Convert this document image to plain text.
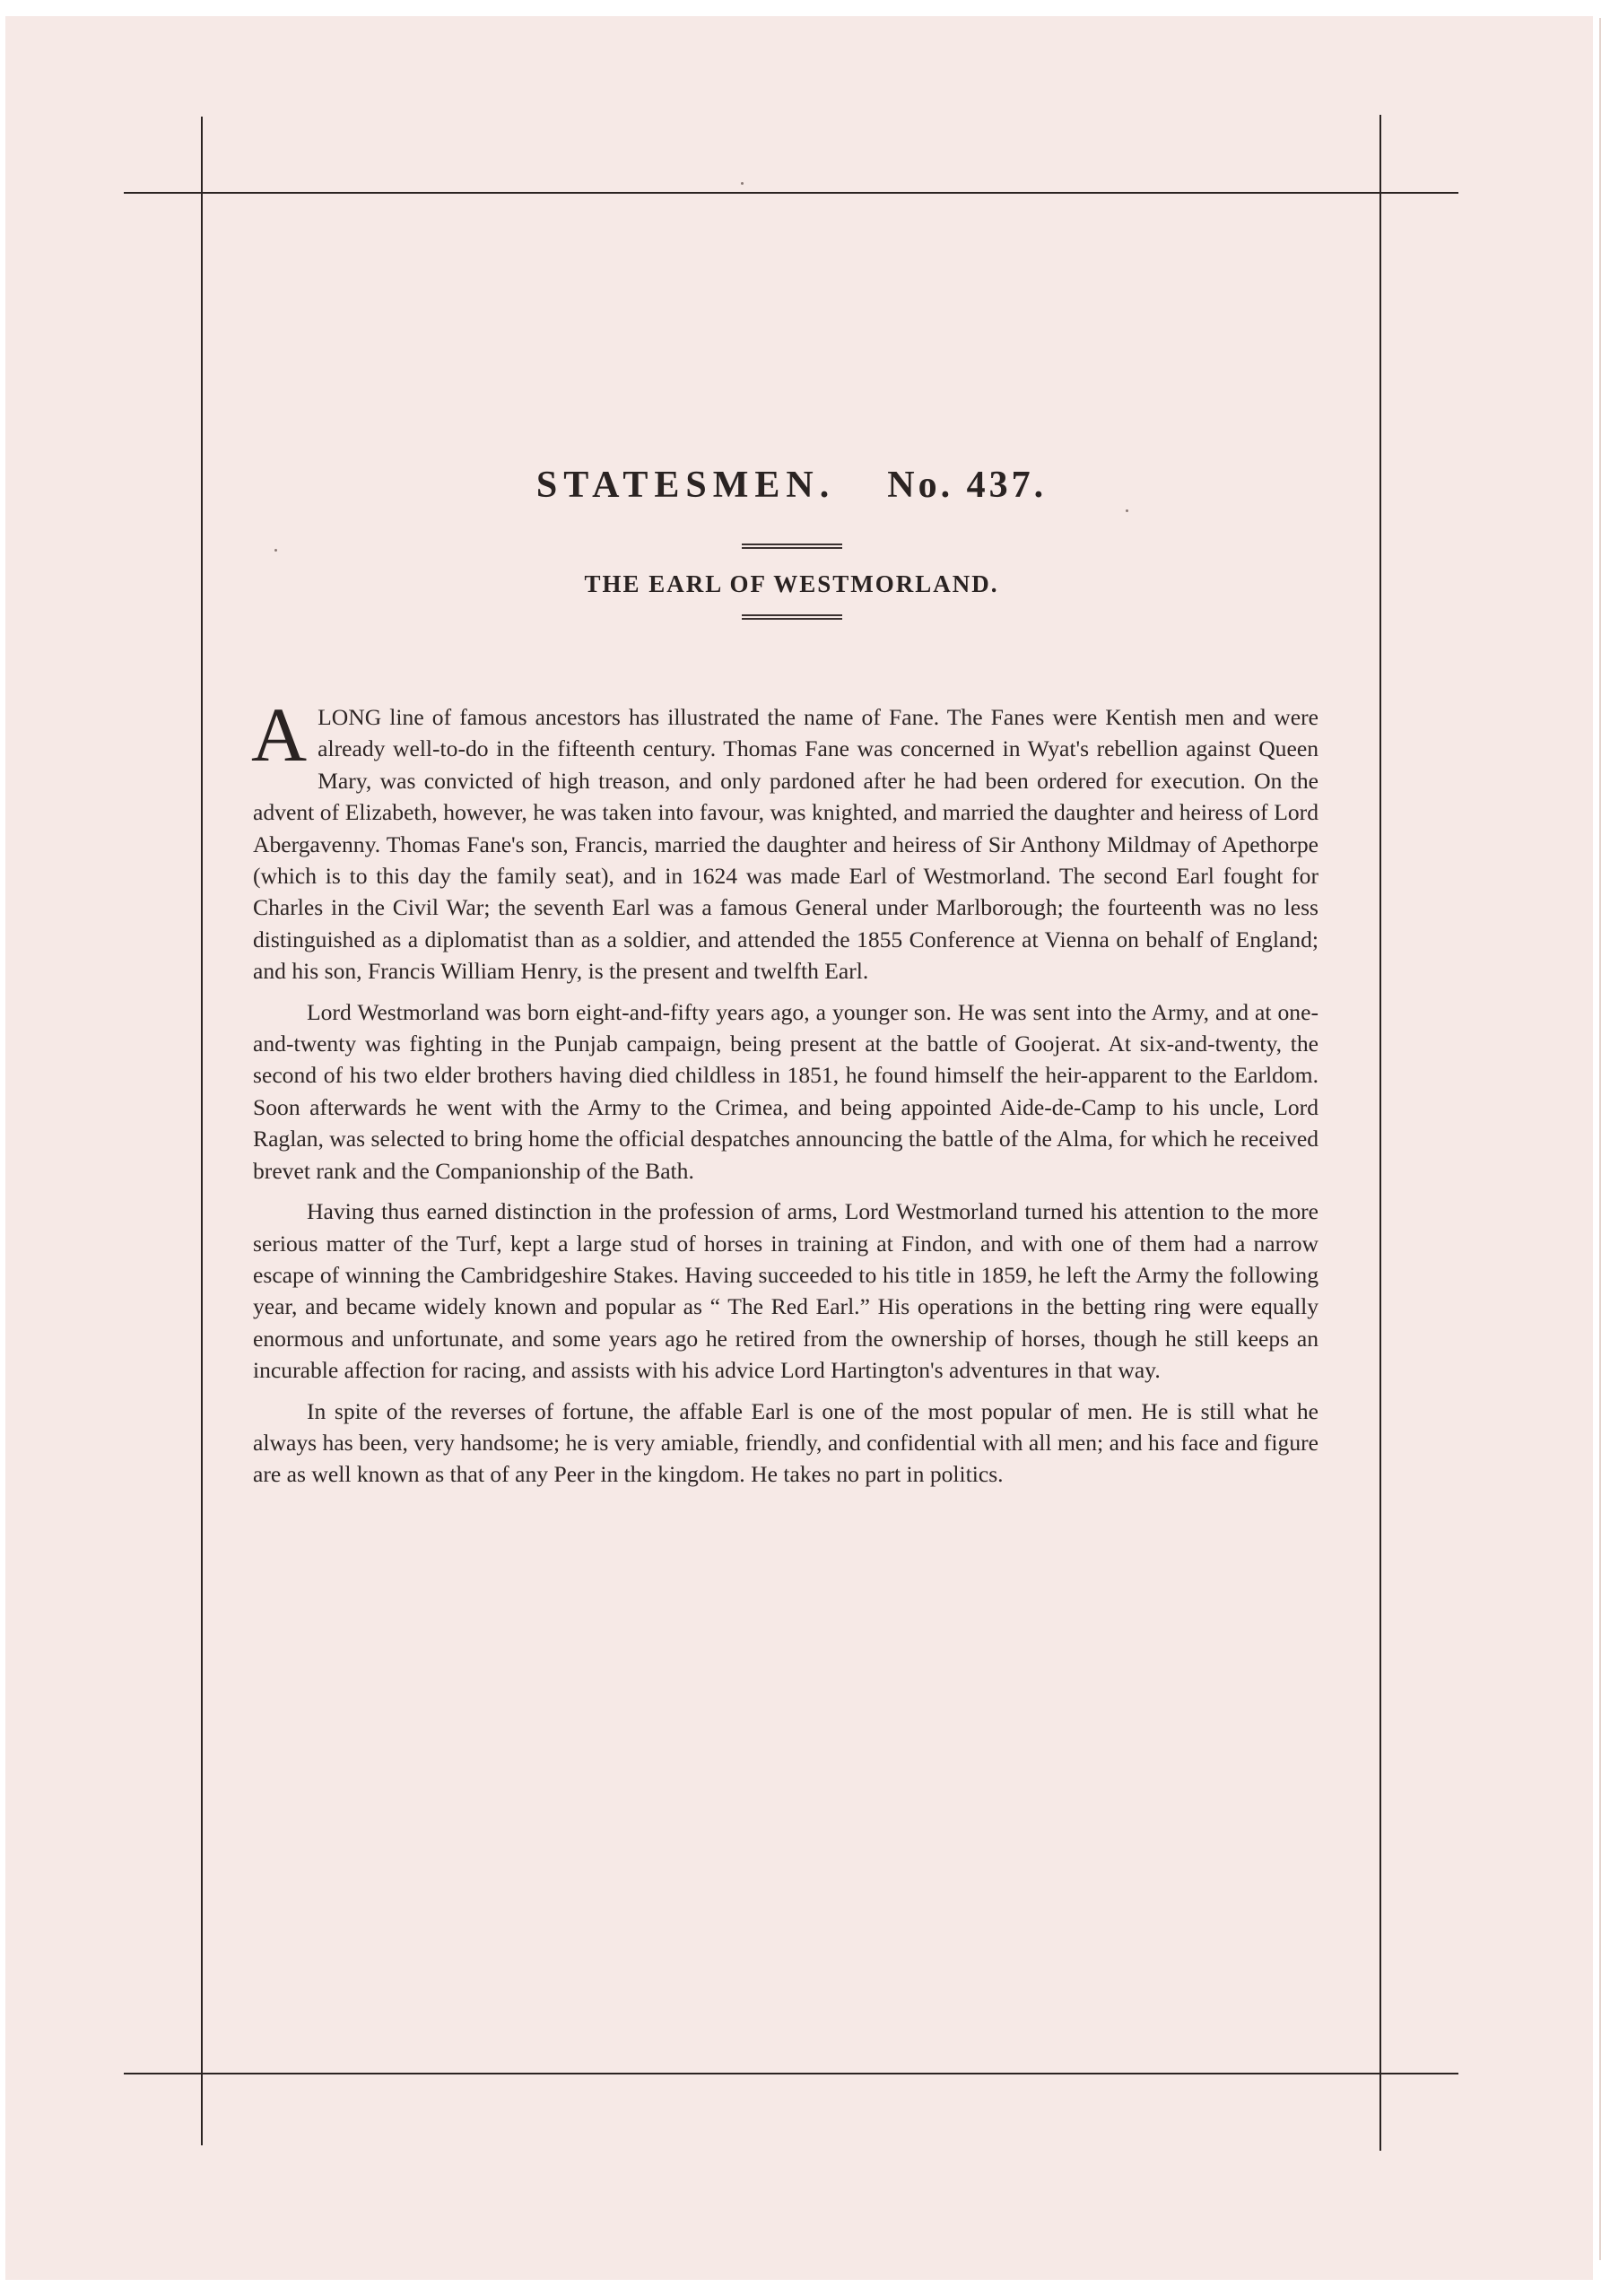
STATESMEN. No. 437.
THE EARL OF WESTMORLAND.

ALONG line of famous ancestors has illustrated the name of Fane. The Fanes were Kentish men and were already well-to-do in the fifteenth century. Thomas Fane was concerned in Wyat's rebellion against Queen Mary, was convicted of high treason, and only pardoned after he had been ordered for execution. On the advent of Elizabeth, however, he was taken into favour, was knighted, and married the daughter and heiress of Lord Abergavenny. Thomas Fane's son, Francis, married the daughter and heiress of Sir Anthony Mildmay of Apethorpe (which is to this day the family seat), and in 1624 was made Earl of Westmorland. The second Earl fought for Charles in the Civil War; the seventh Earl was a famous General under Marlborough; the fourteenth was no less distinguished as a diplomatist than as a soldier, and attended the 1855 Conference at Vienna on behalf of England; and his son, Francis William Henry, is the present and twelfth Earl.

Lord Westmorland was born eight-and-fifty years ago, a younger son. He was sent into the Army, and at one-and-twenty was fighting in the Punjab campaign, being present at the battle of Goojerat. At six-and-twenty, the second of his two elder brothers having died childless in 1851, he found himself the heir-apparent to the Earldom. Soon afterwards he went with the Army to the Crimea, and being appointed Aide-de-Camp to his uncle, Lord Raglan, was selected to bring home the official despatches announcing the battle of the Alma, for which he received brevet rank and the Companionship of the Bath.

Having thus earned distinction in the profession of arms, Lord Westmorland turned his attention to the more serious matter of the Turf, kept a large stud of horses in training at Findon, and with one of them had a narrow escape of winning the Cambridgeshire Stakes. Having succeeded to his title in 1859, he left the Army the following year, and became widely known and popular as “ The Red Earl.” His operations in the betting ring were equally enormous and unfortunate, and some years ago he retired from the ownership of horses, though he still keeps an incurable affection for racing, and assists with his advice Lord Hartington's adventures in that way.

In spite of the reverses of fortune, the affable Earl is one of the most popular of men. He is still what he always has been, very handsome; he is very amiable, friendly, and confidential with all men; and his face and figure are as well known as that of any Peer in the kingdom. He takes no part in politics.
